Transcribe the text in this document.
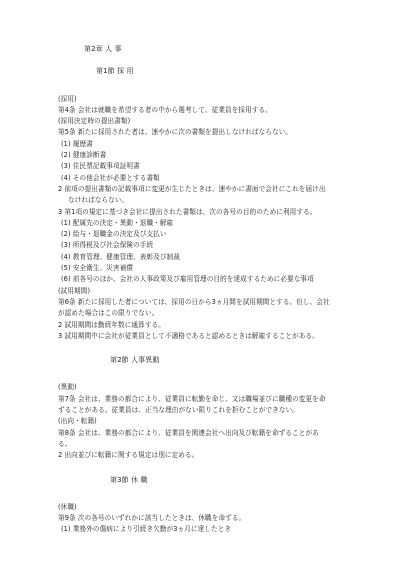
第2章 人 事
第1節 採 用
(採用)
第4条 会社は就職を希望する者の中から選考して、従業員を採用する。
(採用決定時の提出書類)
第5条 新たに採用された者は、速やかに次の書類を提出しなければならない。
(1) 履歴書
(2) 健康診断書
(3) 住民票記載事項証明書
(4) その他会社が必要とする書類
2 前項の提出書類の記載事項に変更が生じたときは、速やかに書面で会社にこれを届け出
なければならない。
3 第1項の規定に基づき会社に提出された書類は、次の各号の目的のために利用する。
(1) 配属先の決定・異動・退職・解雇
(2) 給与・退職金の決定及び支払い
(3) 所得税及び社会保険の手続
(4) 教育管理、健康管理、表彰及び制裁
(5) 安全衛生、災害補償
(6) 前各号のほか、会社の人事政策及び雇用管理の目的を達成するために必要な事項
(試用期間)
第6条 新たに採用した者については、採用の日から3ヵ月間を試用期間とする。但し、会社
が認めた場合はこの限りでない。
2 試用期間は勤続年数に通算する。
3 試用期間中に会社が従業員として不適格であると認めるときは解雇することがある。
第2節 人事異動
(異動)
第7条 会社は、業務の都合により、従業員に転勤を命じ、又は職場並びに職種の変更を命
ずることがある。従業員は、正当な理由がない限りこれを拒むことができない。
(出向・転籍)
第8条 会社は、業務の都合により、従業員を関連会社へ出向及び転籍を命ずることがあ
る。
2 出向並びに転籍に関する規定は別に定める。
第3節 休 職
(休職)
第9条 次の各号のいずれかに該当したときは、休職を命ずる。
(1) 業務外の傷病により引続き欠勤が3ヵ月に達したとき
